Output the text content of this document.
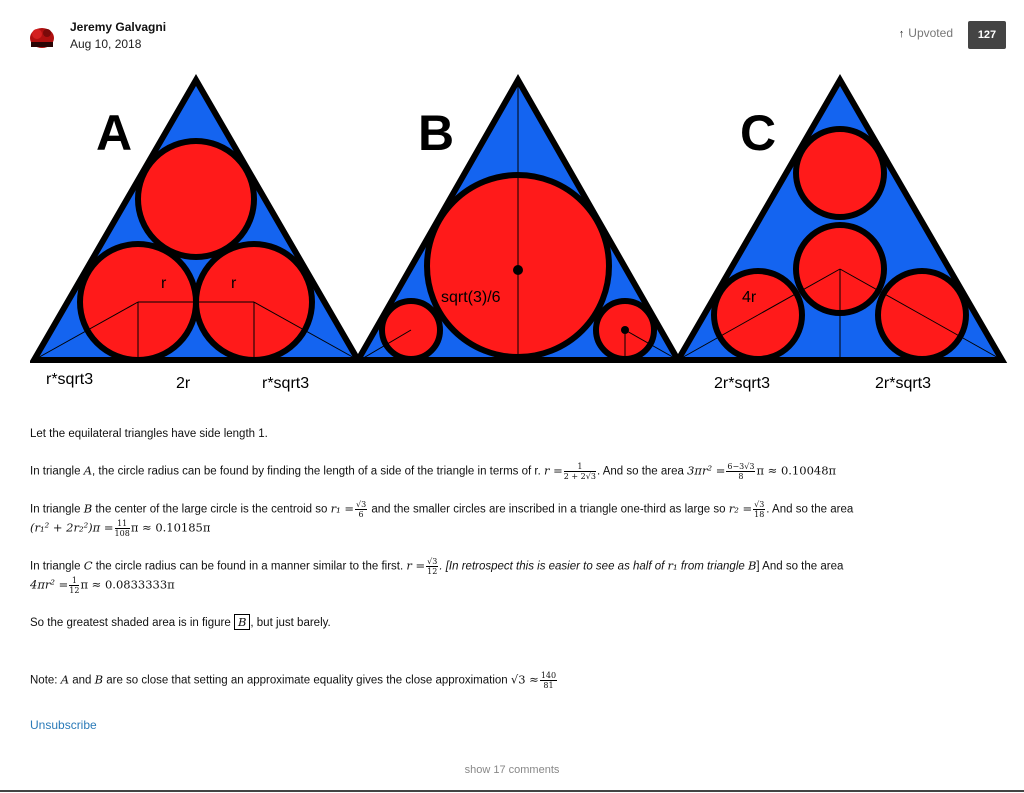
Jeremy Galvagni
Aug 10, 2018
↑ Upvoted	127
A	B	C
r	r
sqrt(3)/6	4r
r*sqrt3	2r	r*sqrt3	2r*sqrt3	2r*sqrt3

Let the equilateral triangles have side length 1.

In triangle A, the circle radius can be found by finding the length of a side of the triangle in terms of r. $r = \frac{1}{2 + 2√3}$ . And so the area $3\pi r^2 = \frac{6-3√3}{8}$ π ≈ 0.10048π

In triangle B the center of the large circle is the centroid so $r_1 = \frac{√3}{6}$ and the smaller circles are inscribed in a triangle one-third as large so $r_2 = \frac{√3}{18}$ . And so the area
$(r_1^2 + 2r_2^2)\pi = \frac{11}{108}$ π ≈ 0.10185π

In triangle C the circle radius can be found in a manner similar to the first. $r = \frac{√3}{12}$ . [In retrospect this is easier to see as half of r₁ from triangle B] And so the area
$4\pi r^2 = \frac{1}{12}$ π ≈ 0.0833333π

So the greatest shaded area is in figure B , but just barely.

Note: A and B are so close that setting an approximate equality gives the close approximation $√3 \approx \frac{140}{81}$

Unsubscribe
show 17 comments
